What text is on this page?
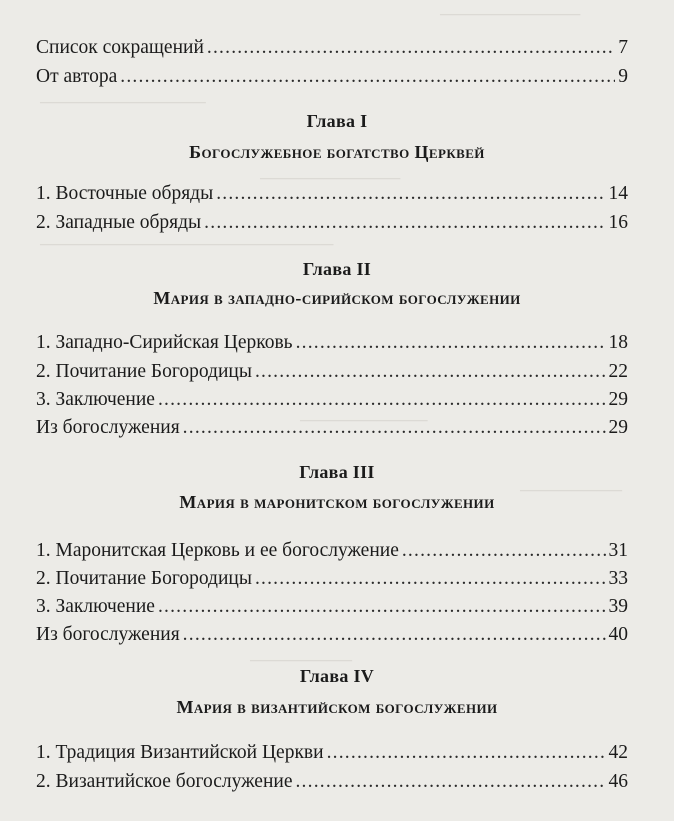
───────────
─────────────
───────────
───────────────────────
──────────
────────
────────
Список сокращений .....	7
От автора .....	9
Глава I
Богослужебное богатство Церквей
1. Восточные обряды .....	14
2. Западные обряды .....	16
Глава II
Мария в западно-сирийском богослужении
1. Западно-Сирийская Церковь .....	18
2. Почитание Богородицы .....	22
3. Заключение .....	29
Из богослужения .....	29
Глава III
Мария в маронитском богослужении
1. Маронитская Церковь и ее богослужение .....	31
2. Почитание Богородицы .....	33
3. Заключение .....	39
Из богослужения .....	40
Глава IV
Мария в византийском богослужении
1. Традиция Византийской Церкви .....	42
2. Византийское богослужение .....	46
